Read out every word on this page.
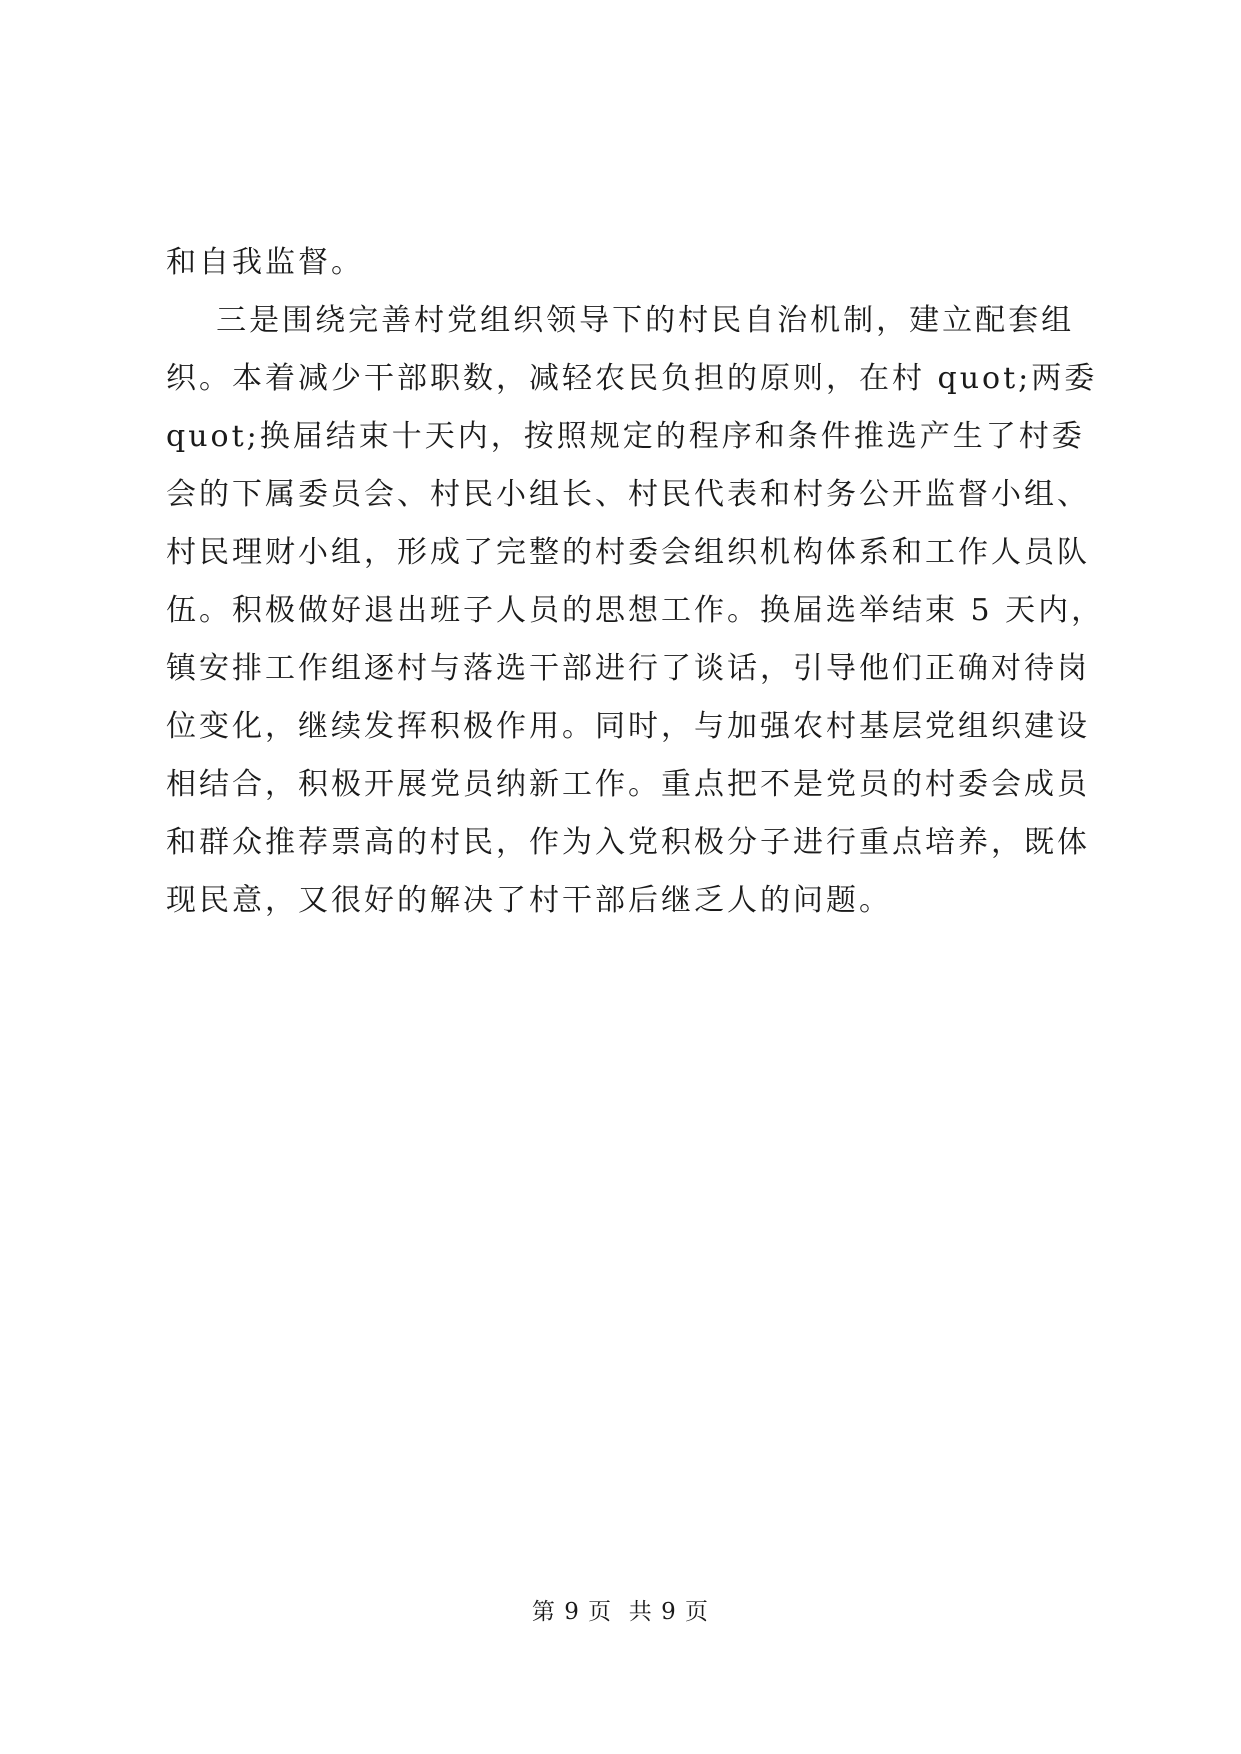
和自我监督。
三是围绕完善村党组织领导下的村民自治机制，建立配套组
织。本着减少干部职数，减轻农民负担的原则，在村 quot;两委
quot;换届结束十天内，按照规定的程序和条件推选产生了村委
会的下属委员会、村民小组长、村民代表和村务公开监督小组、
村民理财小组，形成了完整的村委会组织机构体系和工作人员队
伍。积极做好退出班子人员的思想工作。换届选举结束 5 天内，
镇安排工作组逐村与落选干部进行了谈话，引导他们正确对待岗
位变化，继续发挥积极作用。同时，与加强农村基层党组织建设
相结合，积极开展党员纳新工作。重点把不是党员的村委会成员
和群众推荐票高的村民，作为入党积极分子进行重点培养，既体
现民意，又很好的解决了村干部后继乏人的问题。
第 9 页  共 9 页
